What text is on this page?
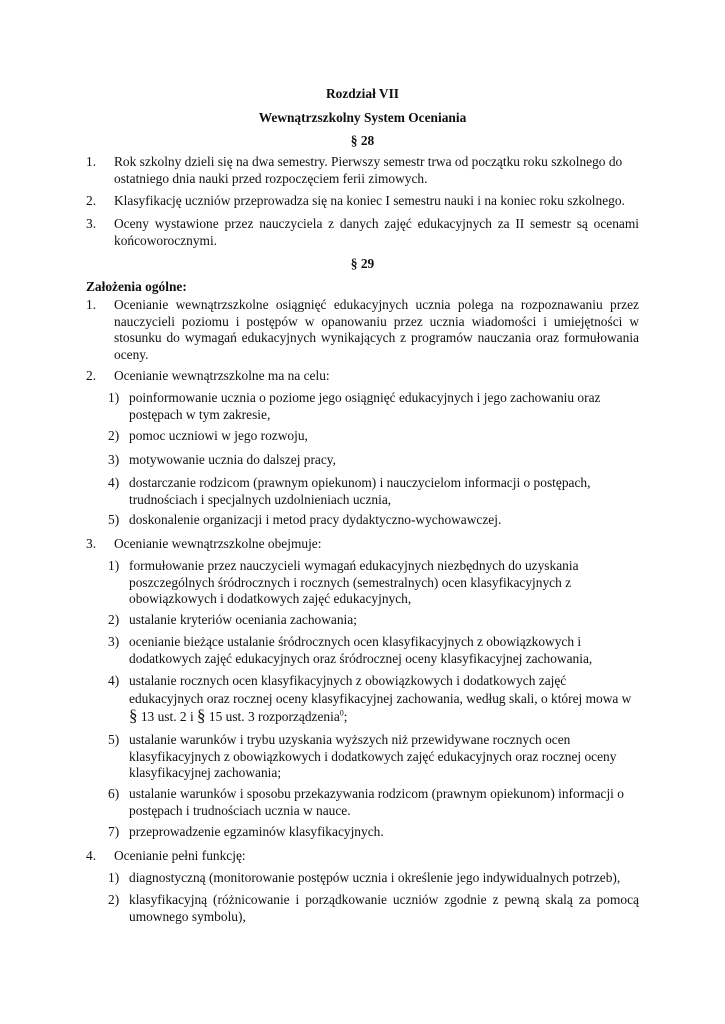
Rozdział VII
Wewnątrzszkolny System Oceniania
§ 28
1. Rok szkolny dzieli się na dwa semestry. Pierwszy semestr trwa od początku roku szkolnego do ostatniego dnia nauki przed rozpoczęciem ferii zimowych.
2. Klasyfikację uczniów przeprowadza się na koniec I semestru nauki i na koniec roku szkolnego.
3. Oceny wystawione przez nauczyciela z danych zajęć edukacyjnych za II semestr są ocenami końcoworocznymi.
§ 29
Założenia ogólne:
1. Ocenianie wewnątrzszkolne osiągnięć edukacyjnych ucznia polega na rozpoznawaniu przez nauczycieli poziomu i postępów w opanowaniu przez ucznia wiadomości i umiejętności w stosunku do wymagań edukacyjnych wynikających z programów nauczania oraz formułowania oceny.
2. Ocenianie wewnątrzszkolne ma na celu:
1) poinformowanie ucznia o poziome jego osiągnięć edukacyjnych i jego zachowaniu oraz postępach w tym zakresie,
2) pomoc uczniowi w jego rozwoju,
3) motywowanie ucznia do dalszej pracy,
4) dostarczanie rodzicom (prawnym opiekunom) i nauczycielom informacji o postępach, trudnościach i specjalnych uzdolnieniach ucznia,
5) doskonalenie organizacji i metod pracy dydaktyczno-wychowawczej.
3. Ocenianie wewnątrzszkolne obejmuje:
1) formułowanie przez nauczycieli wymagań edukacyjnych niezbędnych do uzyskania poszczególnych śródrocznych i rocznych (semestralnych) ocen klasyfikacyjnych z obowiązkowych i dodatkowych zajęć edukacyjnych,
2) ustalanie kryteriów oceniania zachowania;
3) ocenianie bieżące ustalanie śródrocznych ocen klasyfikacyjnych z obowiązkowych i dodatkowych zajęć edukacyjnych oraz śródrocznej oceny klasyfikacyjnej zachowania,
4) ustalanie rocznych ocen klasyfikacyjnych z obowiązkowych i dodatkowych zajęć edukacyjnych oraz rocznej oceny klasyfikacyjnej zachowania, według skali, o której mowa w
§ 13 ust. 2 i § 15 ust. 3 rozporządzenia$^0$;
5) ustalanie warunków i trybu uzyskania wyższych niż przewidywane rocznych ocen klasyfikacyjnych z obowiązkowych i dodatkowych zajęć edukacyjnych oraz rocznej oceny klasyfikacyjnej zachowania;
6) ustalanie warunków i sposobu przekazywania rodzicom (prawnym opiekunom) informacji o postępach i trudnościach ucznia w nauce.
7) przeprowadzenie egzaminów klasyfikacyjnych.
4. Ocenianie pełni funkcję:
1) diagnostyczną (monitorowanie postępów ucznia i określenie jego indywidualnych potrzeb),
2) klasyfikacyjną (różnicowanie i porządkowanie uczniów zgodnie z pewną skalą za pomocą umownego symbolu),
